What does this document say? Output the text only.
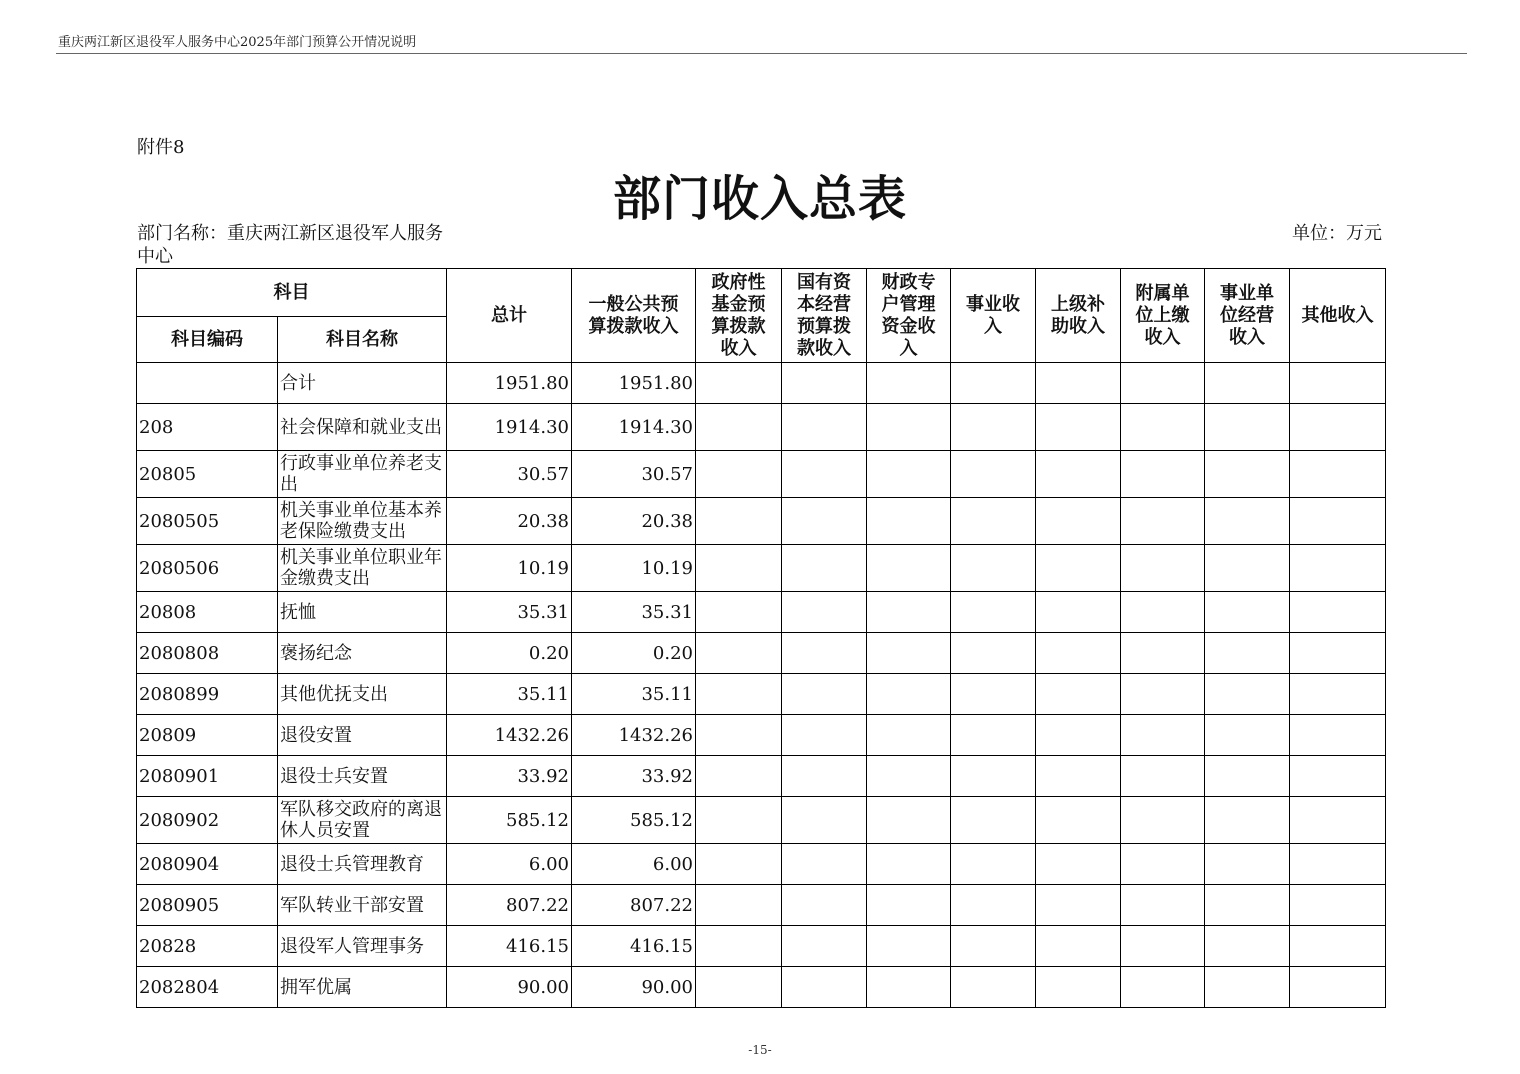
重庆两江新区退役军人服务中心2025年部门预算公开情况说明
附件8
部门收入总表
部门名称：重庆两江新区退役军人服务中心
单位：万元
科目		总计	一般公共预算拨款收入	政府性基金预算拨款收入	国有资本经营预算拨款收入	财政专户管理资金收入	事业收入	上级补助收入	附属单位上缴收入	事业单位经营收入	其他收入
科目编码	科目名称										
	合计	1951.80	1951.80								
208	社会保障和就业支出	1914.30	1914.30								
20805	行政事业单位养老支出	30.57	30.57								
2080505	机关事业单位基本养老保险缴费支出	20.38	20.38								
2080506	机关事业单位职业年金缴费支出	10.19	10.19								
20808	抚恤	35.31	35.31								
2080808	褒扬纪念	0.20	0.20								
2080899	其他优抚支出	35.11	35.11								
20809	退役安置	1432.26	1432.26								
2080901	退役士兵安置	33.92	33.92								
2080902	军队移交政府的离退休人员安置	585.12	585.12								
2080904	退役士兵管理教育	6.00	6.00								
2080905	军队转业干部安置	807.22	807.22								
20828	退役军人管理事务	416.15	416.15								
2082804	拥军优属	90.00	90.00								
-15-
